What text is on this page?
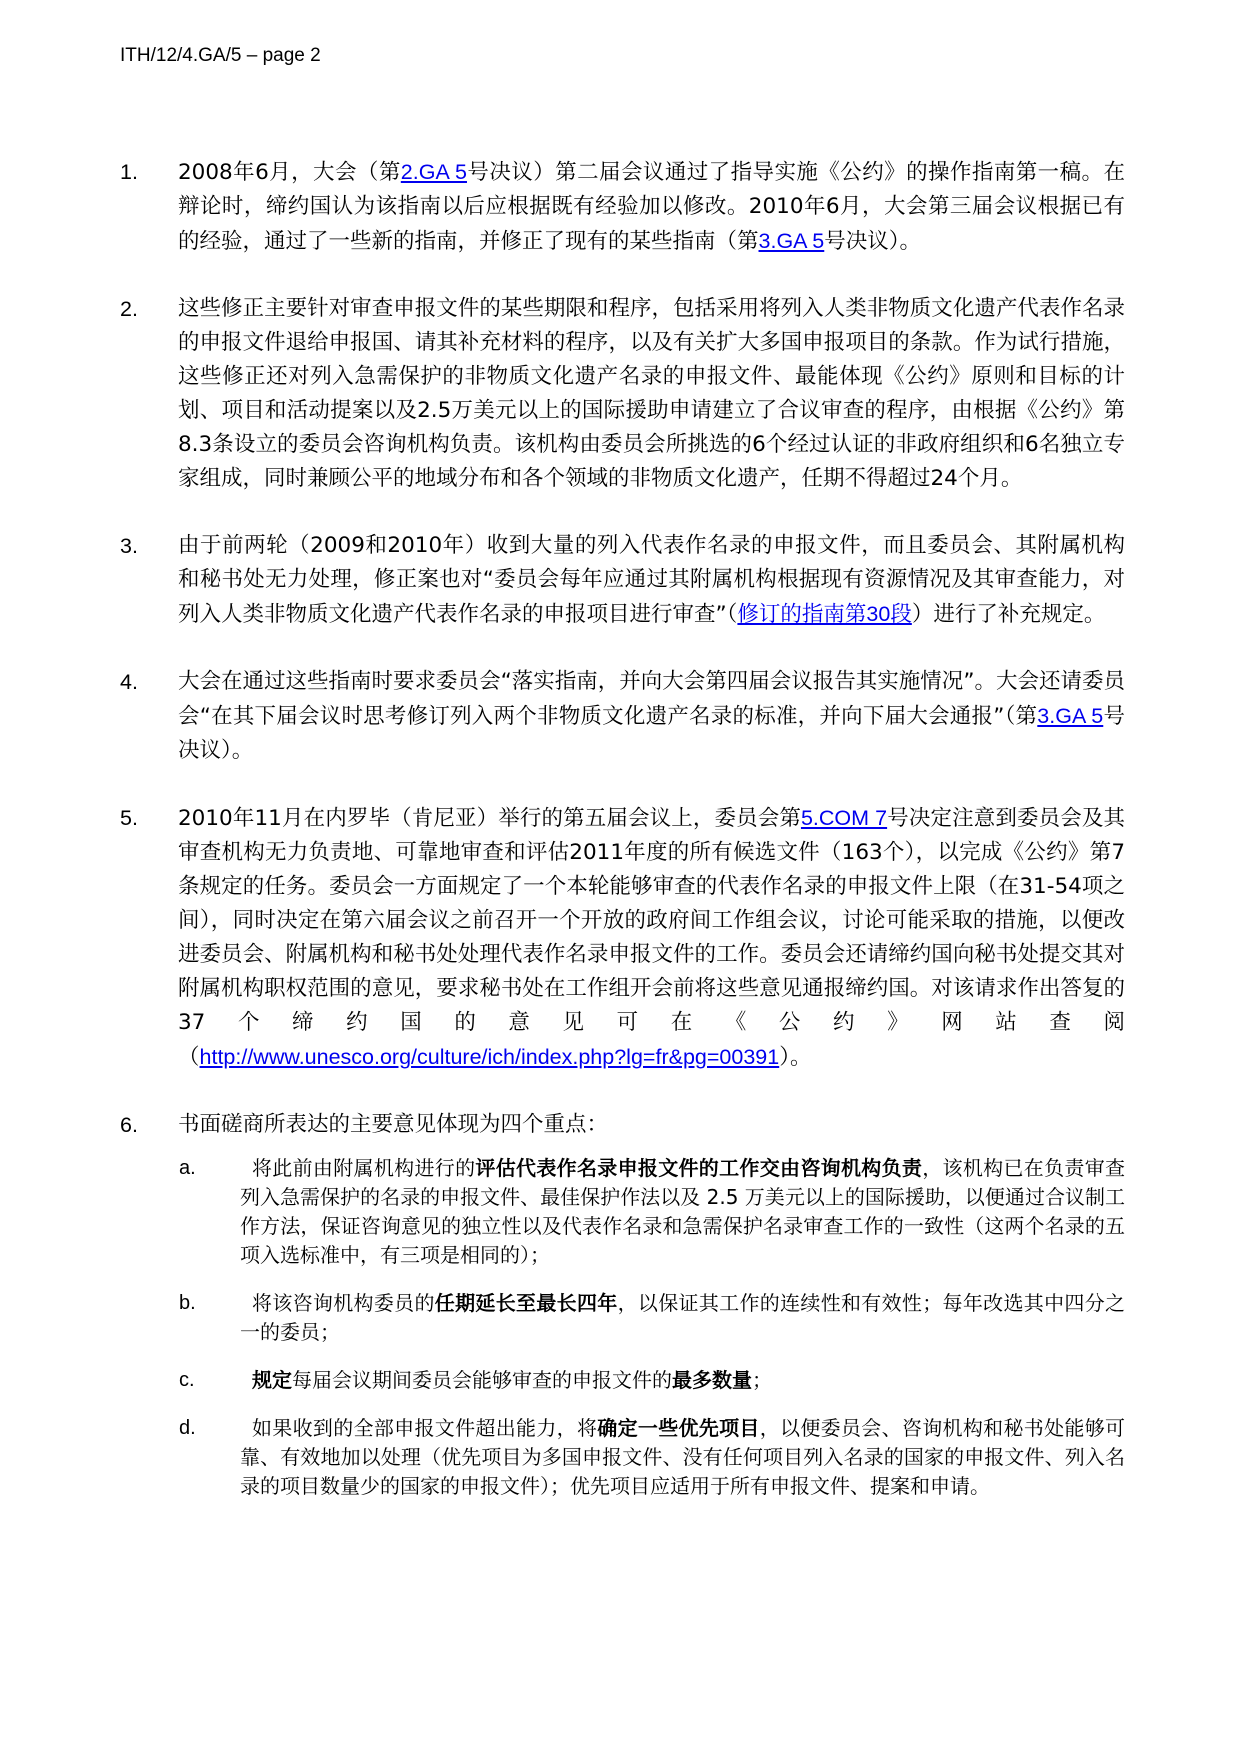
ITH/12/4.GA/5 – page 2
1. 2008年6月，大会（第2.GA 5号决议）第二届会议通过了指导实施《公约》的操作指南第一稿。在辩论时，缔约国认为该指南以后应根据既有经验加以修改。2010年6月，大会第三届会议根据已有的经验，通过了一些新的指南，并修正了现有的某些指南（第3.GA 5号决议）。

2. 这些修正主要针对审查申报文件的某些期限和程序，包括采用将列入人类非物质文化遗产代表作名录的申报文件退给申报国、请其补充材料的程序，以及有关扩大多国申报项目的条款。作为试行措施，这些修正还对列入急需保护的非物质文化遗产名录的申报文件、最能体现《公约》原则和目标的计划、项目和活动提案以及2.5万美元以上的国际援助申请建立了合议审查的程序，由根据《公约》第8.3条设立的委员会咨询机构负责。该机构由委员会所挑选的6个经过认证的非政府组织和6名独立专家组成，同时兼顾公平的地域分布和各个领域的非物质文化遗产，任期不得超过24个月。

3. 由于前两轮（2009和2010年）收到大量的列入代表作名录的申报文件，而且委员会、其附属机构和秘书处无力处理，修正案也对“委员会每年应通过其附属机构根据现有资源情况及其审查能力，对列入人类非物质文化遗产代表作名录的申报项目进行审查”（修订的指南第30段）进行了补充规定。

4. 大会在通过这些指南时要求委员会“落实指南，并向大会第四届会议报告其实施情况”。大会还请委员会“在其下届会议时思考修订列入两个非物质文化遗产名录的标准，并向下届大会通报”（第3.GA 5号决议）。

5. 2010年11月在内罗毕（肯尼亚）举行的第五届会议上，委员会第5.COM 7号决定注意到委员会及其审查机构无力负责地、可靠地审查和评估2011年度的所有候选文件（163个），以完成《公约》第7条规定的任务。委员会一方面规定了一个本轮能够审查的代表作名录的申报文件上限（在31-54项之间），同时决定在第六届会议之前召开一个开放的政府间工作组会议，讨论可能采取的措施，以便改进委员会、附属机构和秘书处处理代表作名录申报文件的工作。委员会还请缔约国向秘书处提交其对附属机构职权范围的意见，要求秘书处在工作组开会前将这些意见通报缔约国。对该请求作出答复的37个缔约国的意见可在《公约》网站查阅

（http://www.unesco.org/culture/ich/index.php?lg=fr&pg=00391）。

6. 书面磋商所表达的主要意见体现为四个重点：

a.	将此前由附属机构进行的评估代表作名录申报文件的工作交由咨询机构负责，该机构已在负责审查列入急需保护的名录的申报文件、最佳保护作法以及 2.5 万美元以上的国际援助，以便通过合议制工作方法，保证咨询意见的独立性以及代表作名录和急需保护名录审查工作的一致性（这两个名录的五项入选标准中，有三项是相同的）；

b.	将该咨询机构委员的任期延长至最长四年，以保证其工作的连续性和有效性；每年改选其中四分之一的委员；

c.	规定每届会议期间委员会能够审查的申报文件的最多数量；

d.	如果收到的全部申报文件超出能力，将确定一些优先项目，以便委员会、咨询机构和秘书处能够可靠、有效地加以处理（优先项目为多国申报文件、没有任何项目列入名录的国家的申报文件、列入名录的项目数量少的国家的申报文件）；优先项目应适用于所有申报文件、提案和申请。
